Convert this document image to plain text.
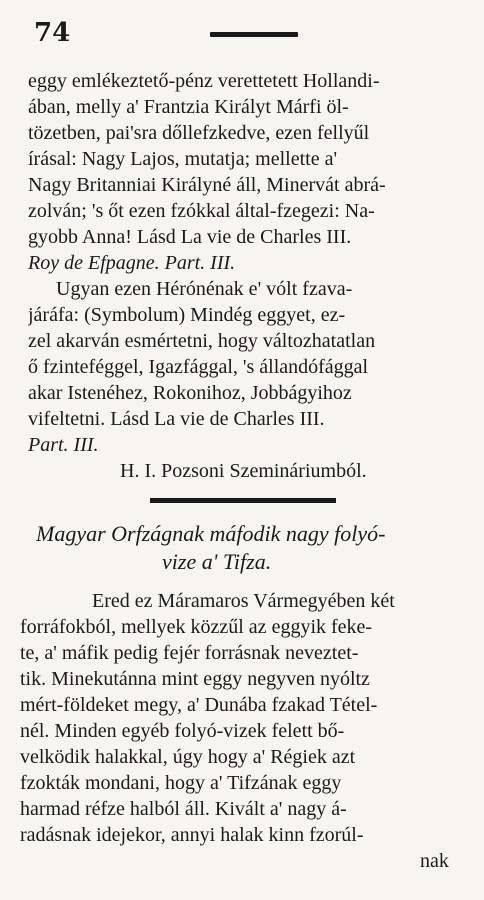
74
eggy emlékeztető-pénz verettetett Hollandi-
ában, melly a' Frantzia Királyt Márfi öl-
tözetben, pai'sra dőllefzkedve, ezen fellyűl
írásal: Nagy Lajos, mutatja; mellette a'
Nagy Britanniai Királyné áll, Minervát abrá-
zolván; 's őt ezen fzókkal által-fzegezi: Na-
gyobb Anna! Lásd La vie de Charles III.
Roy de Efpagne. Part. III.
Ugyan ezen Hérónénak e' vólt fzava-
járáfa: (Symbolum) Mindég eggyet, ez-
zel akarván esmértetni, hogy változhatatlan
ő fzinteféggel, Igazfággal, 's állandófággal
akar Istenéhez, Rokonihoz, Jobbágyihoz
vifeltetni. Lásd La vie de Charles III.
Part. III.
H. I. Pozsoni Szemináriumból.
Magyar Orfzágnak máfodik nagy folyó-
vize a' Tifza.
Ered ez Máramaros Vármegyében két
forráfokból, mellyek közzűl az eggyik feke-
te, a' máfik pedig fejér forrásnak neveztet-
tik. Minekutánna mint eggy negyven nyóltz
mért-földeket megy, a' Dunába fzakad Tétel-
nél. Minden egyéb folyó-vizek felett bő-
velködik halakkal, úgy hogy a' Régiek azt
fzokták mondani, hogy a' Tifzának eggy
harmad réfze halból áll. Kivált a' nagy á-
radásnak idejekor, annyi halak kinn fzorúl-
nak
